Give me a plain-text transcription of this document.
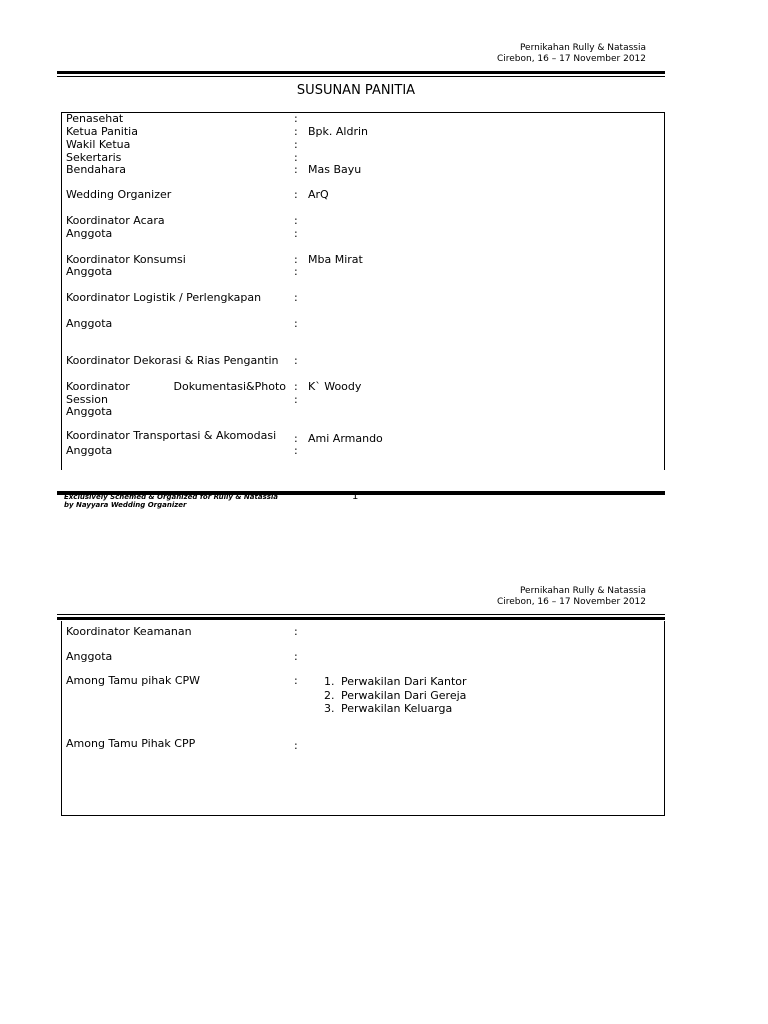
Pernikahan Rully & Natassia
Cirebon, 16 – 17 November 2012
SUSUNAN PANITIA
Penasehat	:
Ketua Panitia	: Bpk. Aldrin
Wakil Ketua	:
Sekertaris	:
Bendahara	: Mas Bayu
Wedding Organizer	: ArQ
Koordinator Acara	:
Anggota	:
Koordinator Konsumsi	: Mba Mirat
Anggota	:
Koordinator Logistik / Perlengkapan	:
Anggota	:
Koordinator Dekorasi & Rias Pengantin :
Koordinator	Dokumentasi&Photo : K` Woody
Session	:
Anggota
Koordinator Transportasi & Akomodasi : Ami Armando
Anggota	:
Exclusively Schemed & Organized for Rully & Natassia
by Nayyara Wedding Organizer
1
Pernikahan Rully & Natassia
Cirebon, 16 – 17 November 2012
Koordinator Keamanan	:
Anggota	:
Among Tamu pihak CPW	: 1. Perwakilan Dari Kantor
2. Perwakilan Dari Gereja
3. Perwakilan Keluarga
Among Tamu Pihak CPP	:
